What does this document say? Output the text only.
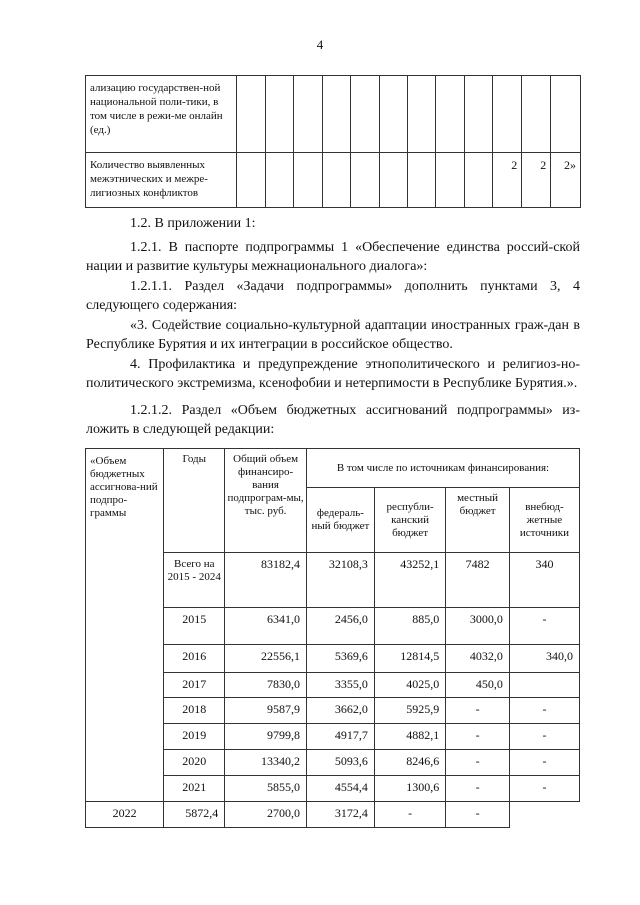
4
ализацию государствен-ной национальной поли-тики, в том числе в режи-ме онлайн (ед.)												
Количество выявленных межэтнических и межре-лигиозных конфликтов										2	2	2»

1.2. В приложении 1:

1.2.1. В паспорте подпрограммы 1 «Обеспечение единства россий-ской нации и развитие культуры межнационального диалога»:

1.2.1.1. Раздел «Задачи подпрограммы» дополнить пунктами 3, 4 следующего содержания:

«3. Содействие социально-культурной адаптации иностранных граж-дан в Республике Бурятия и их интеграции в российское общество.

4. Профилактика и предупреждение этнополитического и религиоз-но-политического экстремизма, ксенофобии и нетерпимости в Республике Бурятия.».

1.2.1.2. Раздел «Объем бюджетных ассигнований подпрограммы» из-ложить в следующей редакции:

«Объем бюджетных ассигнова-ний подпро-граммы	Годы	Общий объем финансиро-вания подпрограм-мы, тыс. руб.	В том числе по источникам финансирования:			
			федераль-ный бюджет	республи-канский бюджет	местный бюджет	внебюд-жетные источники
	Всего на 2015 - 2024	83182,4	32108,3	43252,1	7482	340
	2015	6341,0	2456,0	885,0	3000,0	-
	2016	22556,1	5369,6	12814,5	4032,0	340,0
	2017	7830,0	3355,0	4025,0	450,0	
	2018	9587,9	3662,0	5925,9	-	-
	2019	9799,8	4917,7	4882,1	-	-
	2020	13340,2	5093,6	8246,6	-	-
	2021	5855,0	4554,4	1300,6	-	-
2022	5872,4	2700,0	3172,4	-	-	
